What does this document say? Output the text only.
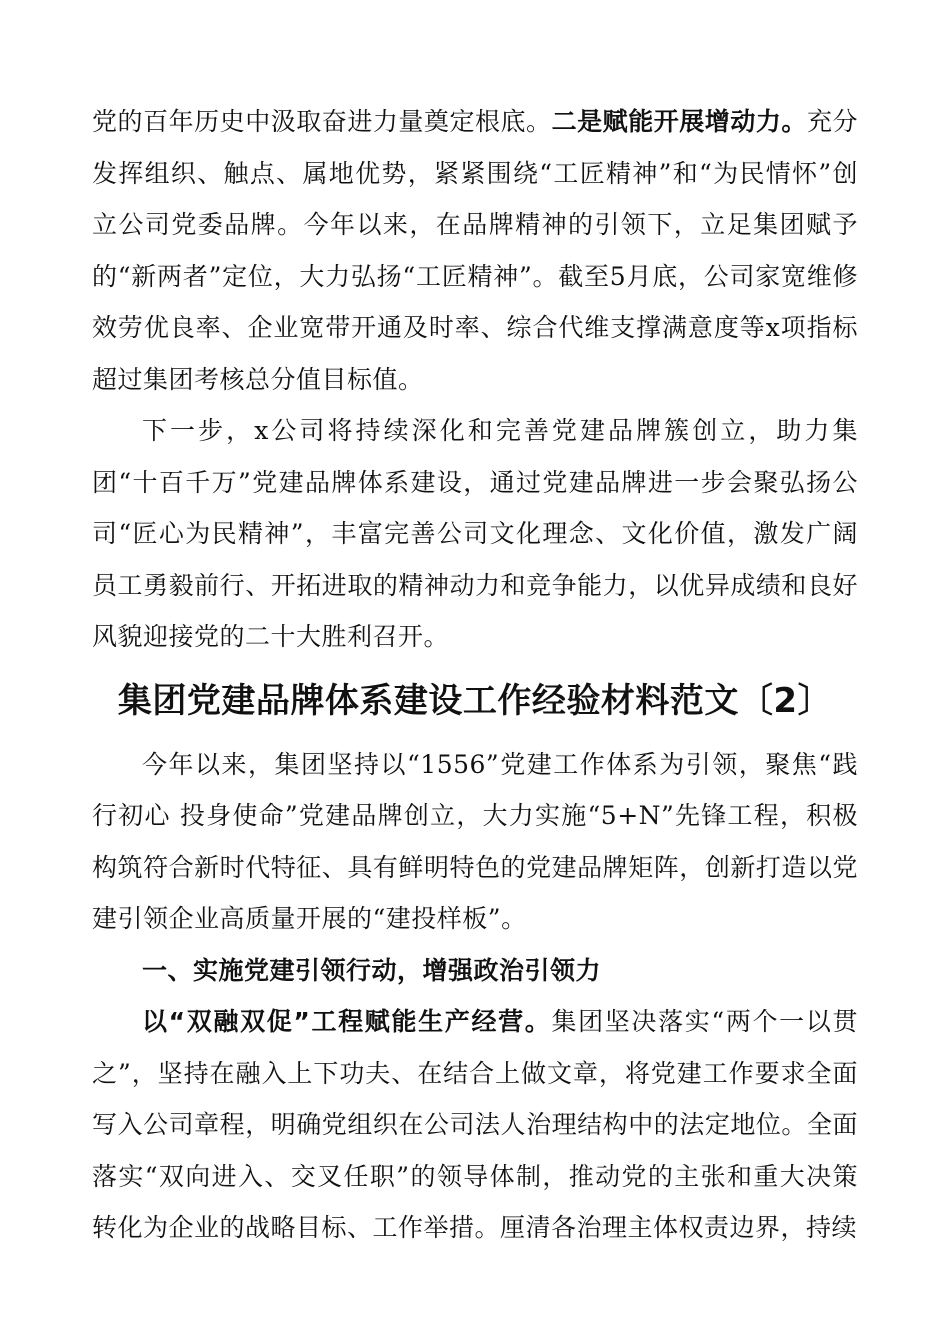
党的百年历史中汲取奋进力量奠定根底。二是赋能开展增动力。充分发挥组织、触点、属地优势，紧紧围绕“工匠精神”和“为民情怀”创立公司党委品牌。今年以来，在品牌精神的引领下，立足集团赋予的“新两者”定位，大力弘扬“工匠精神”。截至5月底，公司家宽维修效劳优良率、企业宽带开通及时率、综合代维支撑满意度等x项指标超过集团考核总分值目标值。

下一步，x公司将持续深化和完善党建品牌簇创立，助力集团“十百千万”党建品牌体系建设，通过党建品牌进一步会聚弘扬公司“匠心为民精神”，丰富完善公司文化理念、文化价值，激发广阔员工勇毅前行、开拓进取的精神动力和竞争能力，以优异成绩和良好风貌迎接党的二十大胜利召开。

集团党建品牌体系建设工作经验材料范文〔2〕

今年以来，集团坚持以“1556”党建工作体系为引领，聚焦“践行初心 投身使命”党建品牌创立，大力实施“5+N”先锋工程，积极构筑符合新时代特征、具有鲜明特色的党建品牌矩阵，创新打造以党建引领企业高质量开展的“建投样板”。

一、实施党建引领行动，增强政治引领力

以“双融双促”工程赋能生产经营。集团坚决落实“两个一以贯之”，坚持在融入上下功夫、在结合上做文章，将党建工作要求全面写入公司章程，明确党组织在公司法人治理结构中的法定地位。全面落实“双向进入、交叉任职”的领导体制，推动党的主张和重大决策转化为企业的战略目标、工作举措。厘清各治理主体权责边界，持续
